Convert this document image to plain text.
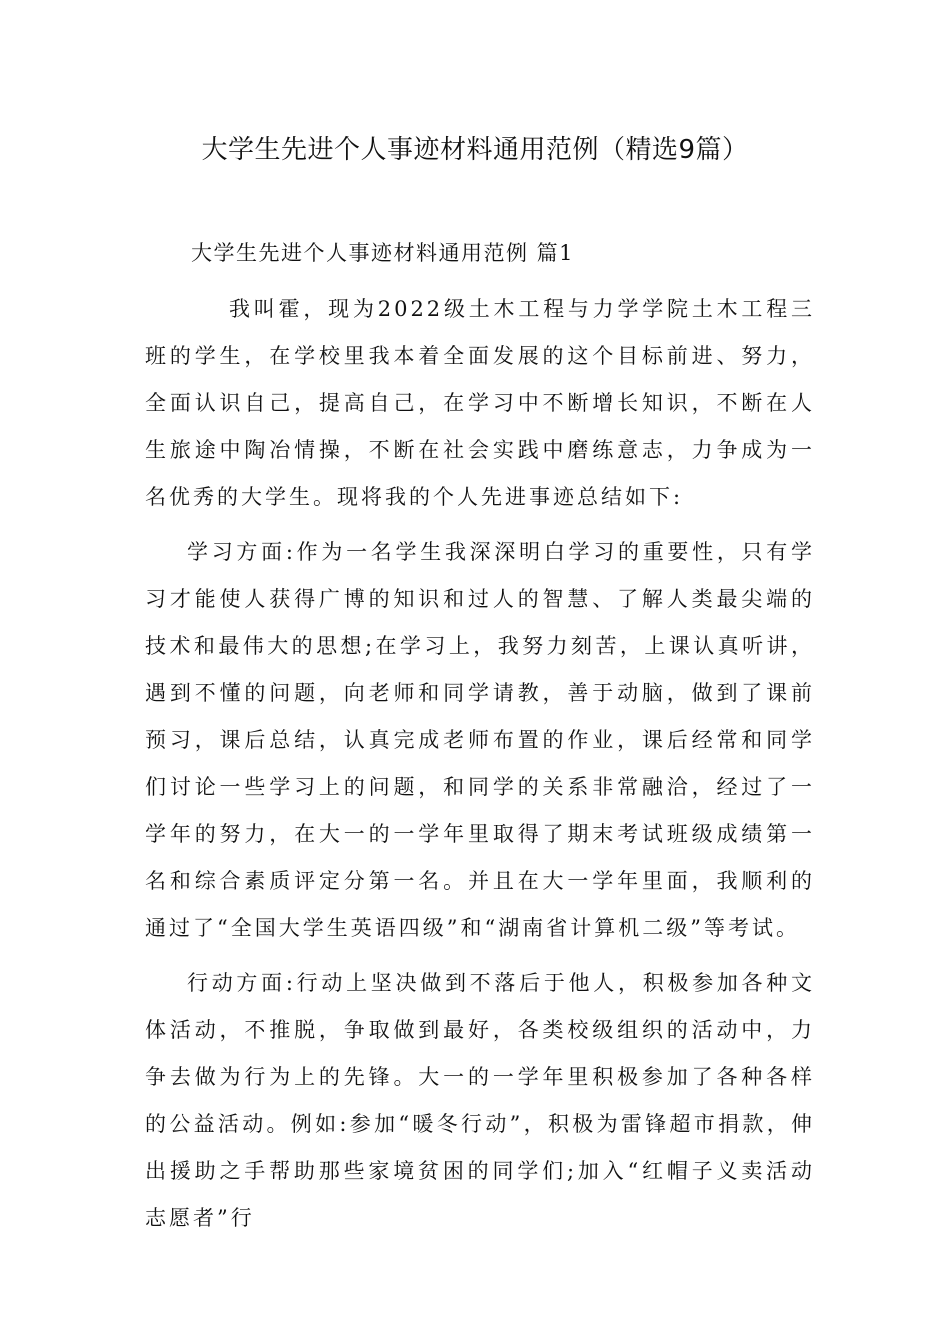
大学生先进个人事迹材料通用范例（精选9篇）
大学生先进个人事迹材料通用范例 篇1

我叫霍，现为2022级土木工程与力学学院土木工程三班的学生，在学校里我本着全面发展的这个目标前进、努力，全面认识自己，提高自己，在学习中不断增长知识，不断在人生旅途中陶冶情操，不断在社会实践中磨练意志，力争成为一名优秀的大学生。现将我的个人先进事迹总结如下:

学习方面:作为一名学生我深深明白学习的重要性，只有学习才能使人获得广博的知识和过人的智慧、了解人类最尖端的技术和最伟大的思想;在学习上，我努力刻苦，上课认真听讲，遇到不懂的问题，向老师和同学请教，善于动脑，做到了课前预习，课后总结，认真完成老师布置的作业，课后经常和同学们讨论一些学习上的问题，和同学的关系非常融洽，经过了一学年的努力，在大一的一学年里取得了期末考试班级成绩第一名和综合素质评定分第一名。并且在大一学年里面，我顺利的通过了“全国大学生英语四级”和“湖南省计算机二级”等考试。

行动方面:行动上坚决做到不落后于他人，积极参加各种文体活动，不推脱，争取做到最好，各类校级组织的活动中，力争去做为行为上的先锋。大一的一学年里积极参加了各种各样的公益活动。例如:参加“暖冬行动”，积极为雷锋超市捐款，伸出援助之手帮助那些家境贫困的同学们;加入“红帽子义卖活动志愿者”行
